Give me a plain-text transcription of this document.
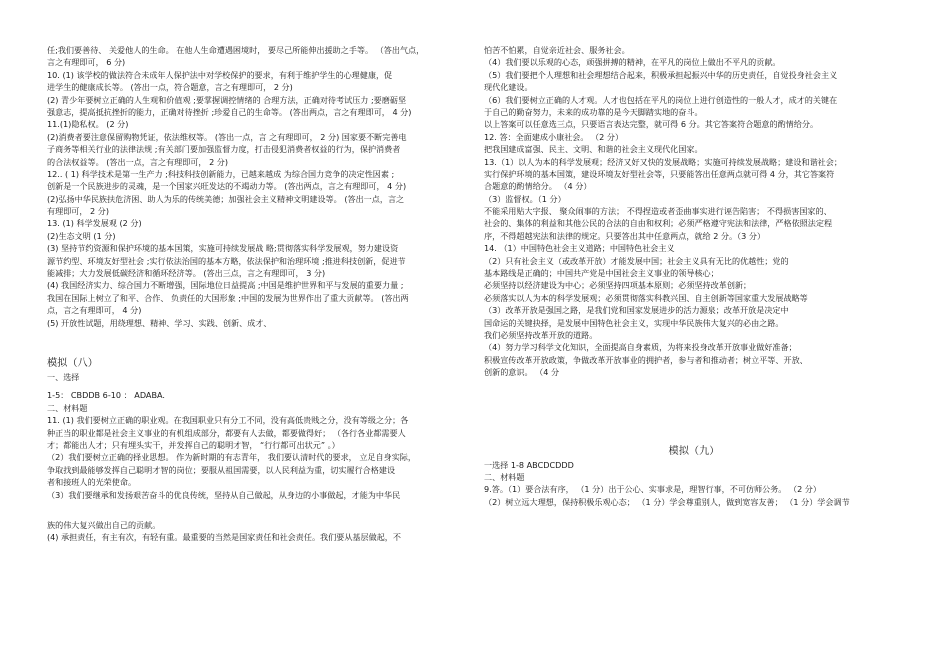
任;我们要善待、 关爱他人的生命。 在他人生命遭遇困境时， 要尽己所能伸出援助之手等。 （答出气点，
言之有理即可， 6 分)
10. (1) 该学校的做法符合未成年人保护法中对学校保护的要求，有利于维护学生的心理健康，促
进学生的健康成长等。 (答出一点，符合题意，言之有理即可， 2 分)
(2) 青少年要树立正确的人生观和价值观 ;要掌握调控情绪的 合理方法，正确对待考试压力 ;要磨砺坚
强意志，提高抵抗挫折的能力，正确对待挫折 ;珍爱自己的生命等。 (答出两点，言之有理即可， 4 分)
11.(1)隐私权。 (2 分)
(2)消费者要注意保留购物凭证，依法维权等。 (答出一点，言 之有理即可， 2 分) 国家要不断完善电
子商务等相关行业的法律法规 ;有关部门要加强监督力度，打击侵犯消费者权益的行为，保护消费者
的合法权益等。 (答出一点，言之有理即可， 2 分)
12.. ( 1) 科学技术是第一生产力 ;科技科技创新能力，已越来越成 为综合国力竞争的决定性因素 ;
创新是一个民族进步的灵魂，是一个国家兴旺发达的不竭动力等。 (答出两点，言之有理即可， 4 分)
(2)弘扬中华民族扶危济困、助人为乐的传统美德；加强社会主义精神文明建设等。 (答出一点，言之
有理即可， 2 分)
13. (1) 科学发展观 (2 分)
(2)生态文明 (1 分)
(3) 坚持节约资源和保护环境的基本国策，实施可持续发展战 略;贯彻落实科学发展观，努力建设资
源节约型、环境友好型社会 ;实行依法治国的基本方略，依法保护和治理环境 ;推进科技创新，促进节
能减排；大力发展低碳经济和循环经济等。 (答出三点，言之有理即可， 3 分)
(4) 我国经济实力、综合国力不断增强，国际地位日益提高 ;中国是维护世界和平与发展的重要力量 ;
我国在国际上树立了和平、合作、 负责任的大国形象 ;中国的发展为世界作出了重大贡献等。 (答出两
点，言之有理即可， 4 分)
(5) 开放性试题，用绕理想、精神、学习、实践、创新、成才、
模拟（八）
一、选择
1-5： CBDDB 6-10 ： ADABA.
二、材料题
11. (1) 我们要树立正确的职业观。在我国职业只有分工不同，没有高低贵贱之分，没有等级之分；各
种正当的职业都是社会主义事业的有机组成部分，都要有人去做，都要做得好； （各行各业都需要人
才；都能出人才；只有埋头实干，并发挥自己的聪明才智， “行行都可出状元” 。）
（2）我们要树立正确的择业思想。 作为新时期的有志青年， 我们要认清时代的要求， 立足自身实际，
争取找到最能够发挥自己聪明才智的岗位；要服从祖国需要，以人民利益为重，切实履行合格建设
者和接班人的光荣使命。
（3）我们要继承和发扬艰苦奋斗的优良传统，坚持从自己做起，从身边的小事做起，才能为中华民
族的伟大复兴做出自己的贡献。
(4) 承担责任，有主有次，有轻有重。最重要的当然是国家责任和社会责任。我们要从基层做起，不
怕苦不怕累，自觉亲近社会、服务社会。
（4）我们要以乐观的心态，顽强拼搏的精神，在平凡的岗位上做出不平凡的贡献。
（5）我们要把个人理想和社会理想结合起来，积极承担起振兴中华的历史责任，自觉投身社会主义
现代化建设。
（6）我们要树立正确的人才观。人才也包括在平凡的岗位上进行创造性的一般人才，成才的关键在
于自己的勤奋努力，未来的成功靠的是今天脚踏实地的奋斗。
以上答案可以任意选三点，只要语言表达完整，就可得 6 分。其它答案符合题意的酌情给分。
12. 答：全面建成小康社会。 （2 分）
把我国建成富强、民主、文明、和谐的社会主义现代化国家。
13.（1）以人为本的科学发展观；经济又好又快的发展战略；实施可持续发展战略；建设和谐社会；
实行保护环境的基本国策，建设环境友好型社会等，只要能答出任意两点就可得 4 分，其它答案符
合题意的酌情给分。 （4 分）
（3）监督权。（1 分）
不能采用贴大字报、 聚众闹事的方法； 不得捏造或者歪曲事实进行诬告陷害； 不得损害国家的、
社会的、集体的利益和其他公民的合法的自由和权利；必须严格遵守宪法和法律，严格依照法定程
序，不得超越宪法和法律的规定。只要答出其中任意两点，就给 2 分。（3 分）
14. （1）中国特色社会主义道路；中国特色社会主义
（2）只有社会主义（或改革开放）才能发展中国；社会主义具有无比的优越性；党的
基本路线是正确的；中国共产党是中国社会主义事业的领导核心；
必须坚持以经济建设为中心；必须坚持四项基本原则；必须坚持改革创新；
必须落实以人为本的科学发展观；必须贯彻落实科教兴国、自主创新等国家重大发展战略等
（3）改革开放是强国之路，是我们党和国家发展进步的活力源泉；改革开放是决定中
国命运的关键抉择，是发展中国特色社会主义，实现中华民族伟大复兴的必由之路。
我们必须坚持改革开放的道路。
（4）努力学习科学文化知识，全面提高自身素质，为将来投身改革开放事业做好准备；
积极宣传改革开放政策，争做改革开放事业的拥护者，参与者和推动者；树立平等、开放、
创新的意识。 （4 分
模拟（九）
一选择 1-8 ABCDCDDD
二、材料题
9.答。（1）要合法有序， （1 分）出于公心、实事求是，理智行事，不可仿师公务。 （2 分）
（2）树立远大理想，保持积极乐观心态； （1 分）学会尊重别人，做到宽容友善； （1 分）学会调节
